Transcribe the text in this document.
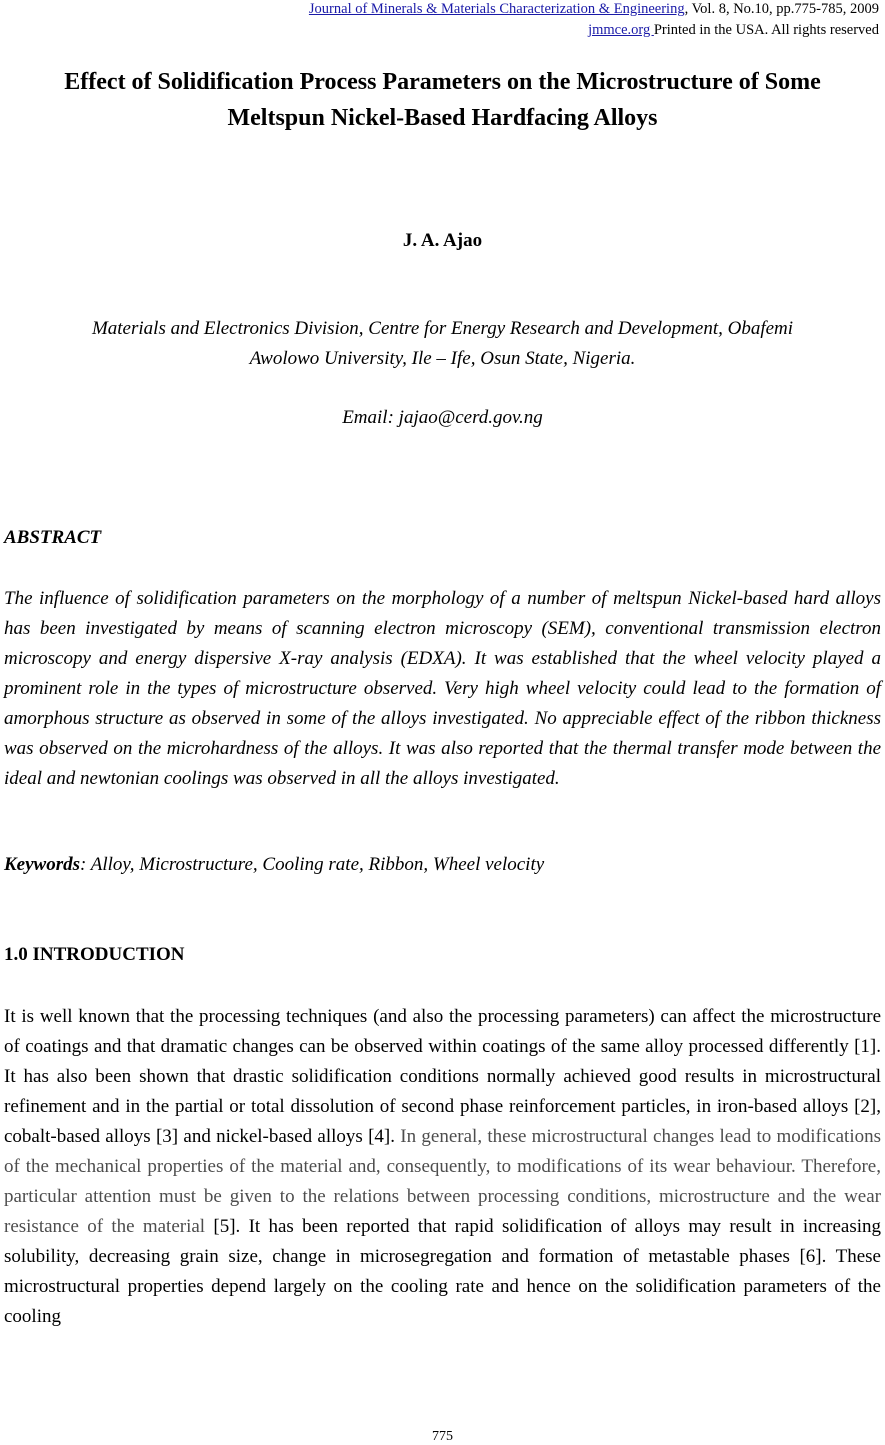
Journal of Minerals & Materials Characterization & Engineering, Vol. 8, No.10, pp.775-785, 2009
jmmce.org Printed in the USA. All rights reserved
Effect of Solidification Process Parameters on the Microstructure of Some
Meltspun Nickel-Based Hardfacing Alloys
J. A. Ajao
Materials and Electronics Division, Centre for Energy Research and Development, Obafemi
Awolowo University, Ile – Ife, Osun State, Nigeria.
Email: jajao@cerd.gov.ng
ABSTRACT
The influence of solidification parameters on the morphology of a number of meltspun Nickel-based hard alloys has been investigated by means of scanning electron microscopy (SEM), conventional transmission electron microscopy and energy dispersive X-ray analysis (EDXA). It was established that the wheel velocity played a prominent role in the types of microstructure observed. Very high wheel velocity could lead to the formation of amorphous structure as observed in some of the alloys investigated. No appreciable effect of the ribbon thickness was observed on the microhardness of the alloys. It was also reported that the thermal transfer mode between the ideal and newtonian coolings was observed in all the alloys investigated.
Keywords: Alloy, Microstructure, Cooling rate, Ribbon, Wheel velocity
1.0 INTRODUCTION
It is well known that the processing techniques (and also the processing parameters) can affect the microstructure of coatings and that dramatic changes can be observed within coatings of the same alloy processed differently [1]. It has also been shown that drastic solidification conditions normally achieved good results in microstructural refinement and in the partial or total dissolution of second phase reinforcement particles, in iron-based alloys [2], cobalt-based alloys [3] and nickel-based alloys [4]. In general, these microstructural changes lead to modifications of the mechanical properties of the material and, consequently, to modifications of its wear behaviour. Therefore, particular attention must be given to the relations between processing conditions, microstructure and the wear resistance of the material [5]. It has been reported that rapid solidification of alloys may result in increasing solubility, decreasing grain size, change in microsegregation and formation of metastable phases [6]. These microstructural properties depend largely on the cooling rate and hence on the solidification parameters of the cooling
775
